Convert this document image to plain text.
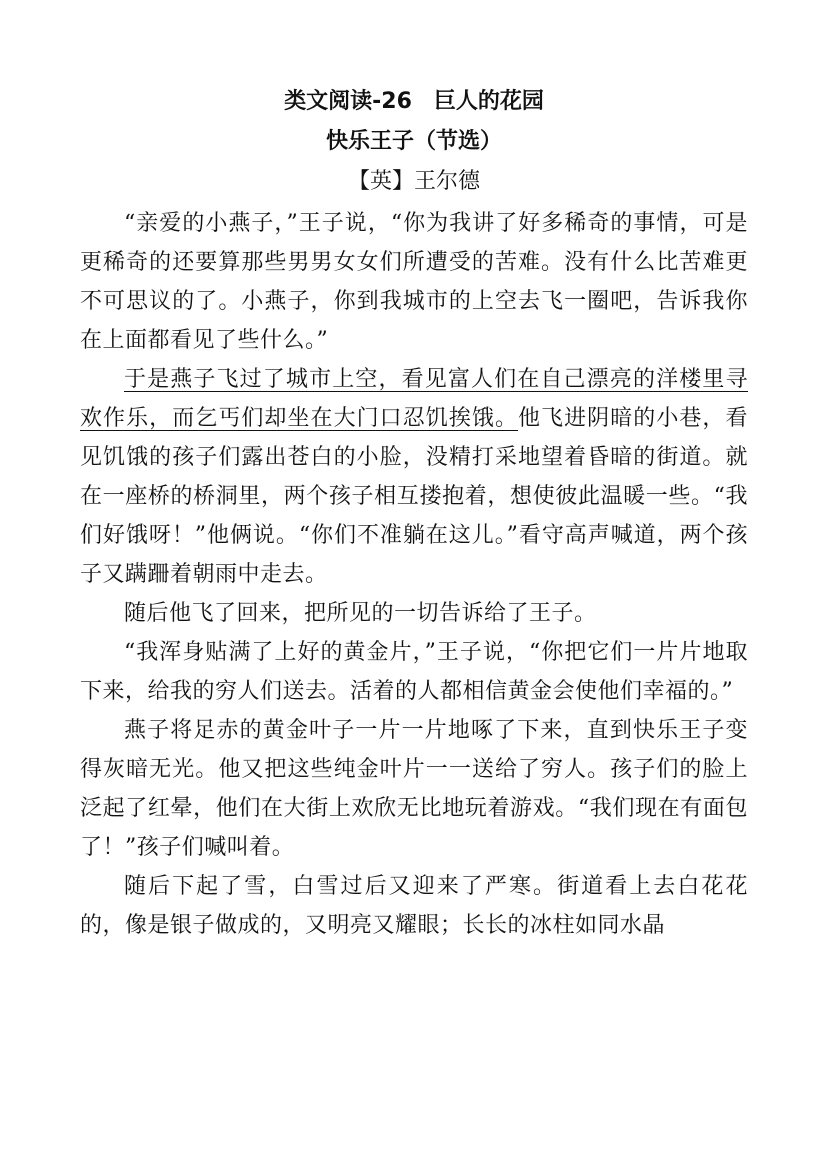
类文阅读-26　巨人的花园
快乐王子（节选）
【英】王尔德

“亲爱的小燕子，”王子说，“你为我讲了好多稀奇的事情，可是更稀奇的还要算那些男男女女们所遭受的苦难。没有什么比苦难更不可思议的了。小燕子，你到我城市的上空去飞一圈吧，告诉我你在上面都看见了些什么。”

于是燕子飞过了城市上空，看见富人们在自己漂亮的洋楼里寻欢作乐，而乞丐们却坐在大门口忍饥挨饿。他飞进阴暗的小巷，看见饥饿的孩子们露出苍白的小脸，没精打采地望着昏暗的街道。就在一座桥的桥洞里，两个孩子相互搂抱着，想使彼此温暖一些。“我们好饿呀！”他俩说。“你们不准躺在这儿。”看守高声喊道，两个孩子又蹒跚着朝雨中走去。

随后他飞了回来，把所见的一切告诉给了王子。

“我浑身贴满了上好的黄金片，”王子说，“你把它们一片片地取下来，给我的穷人们送去。活着的人都相信黄金会使他们幸福的。”

燕子将足赤的黄金叶子一片一片地啄了下来，直到快乐王子变得灰暗无光。他又把这些纯金叶片一一送给了穷人。孩子们的脸上泛起了红晕，他们在大街上欢欣无比地玩着游戏。“我们现在有面包了！”孩子们喊叫着。

随后下起了雪，白雪过后又迎来了严寒。街道看上去白花花的，像是银子做成的，又明亮又耀眼；长长的冰柱如同水晶
